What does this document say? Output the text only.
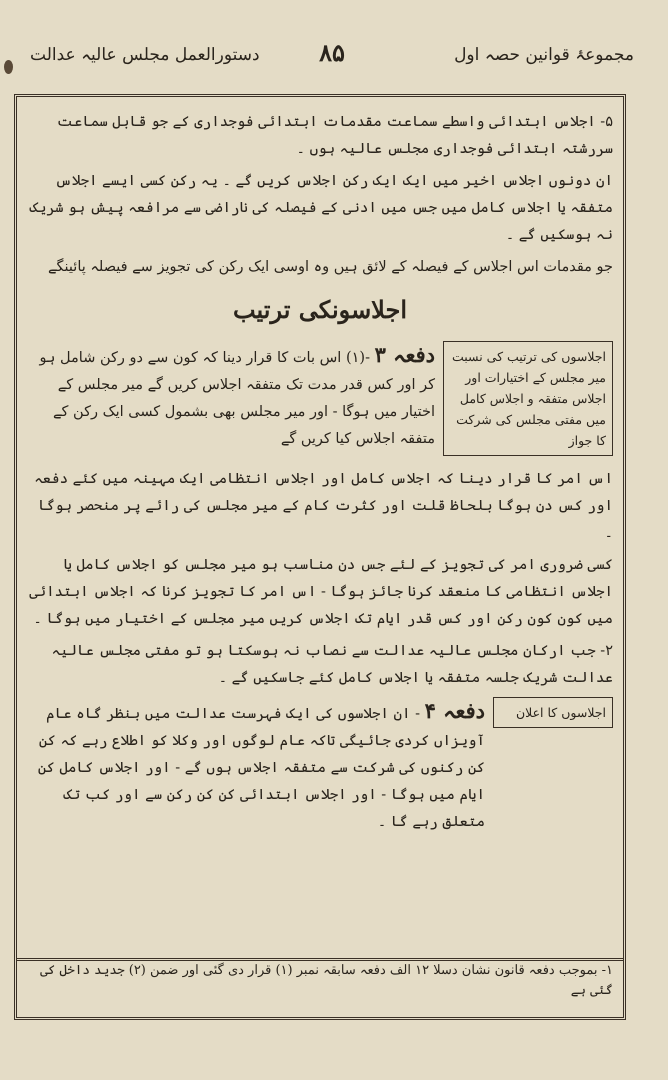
مجموعۂ قوانین حصہ اول
۸۵
دستورالعمل مجلس عالیہ عدالت

۵- اجلاس ابتدائی واسطے سماعت مقدمات ابتدائی فوجداری کے جو قابل سماعت سررشتہ ابتدائی فوجداری مجلس عالیہ ہوں ۔

ان دونوں اجلاس اخیر میں ایک ایک رکن اجلاس کریں گے ۔ یہ رکن کسی ایسے اجلاس متفقہ یا اجلاس کامل میں جس میں ادنی کے فیصلہ کی ناراضی سے مرافعہ پیش ہو شریک نہ ہوسکیں گے ۔

جو مقدمات اس اجلاس کے فیصلہ کے لائق ہیں وہ اوسی ایک رکن کی تجویز سے فیصلہ پائینگے

اجلاسونکی ترتیب
اجلاسوں کی ترتیب کی نسبت میر مجلس کے اختیارات اور اجلاس متفقہ و اجلاس کامل میں مفتی مجلس کی شرکت کا جواز
دفعہ ۳ -(۱) اس بات کا قرار دینا کہ کون سے دو رکن شامل ہو کر اور کس قدر مدت تک متفقہ اجلاس کریں گے میر مجلس کے اختیار میں ہوگا - اور میر مجلس بھی بشمول کسی ایک رکن کے متفقہ اجلاس کیا کریں گے

اس امر کا قرار دینا کہ اجلاس کامل اور اجلاس انتظامی ایک مہینہ میں کئے دفعہ اور کس دن ہوگا بلحاظ قلت اور کثرت کام کے میر مجلس کی رائے پر منحصر ہوگا ۔

کسی ضروری امر کی تجویز کے لئے جس دن مناسب ہو میر مجلس کو اجلاس کامل یا اجلاس انتظامی کا منعقد کرنا جائز ہوگا - اس امر کا تجویز کرنا کہ اجلاس ابتدائی میں کون کون رکن اور کس قدر ایام تک اجلاس کریں میر مجلس کے اختیار میں ہوگا ۔

۲- جب ارکان مجلس عالیہ عدالت سے نصاب نہ ہوسکتا ہو تو مفتی مجلس عالیہ عدالت شریک جلسہ متفقہ یا اجلاس کامل کئے جاسکیں گے ۔

اجلاسوں کا اعلان
دفعہ ۴ - ان اجلاسوں کی ایک فہرست عدالت میں بنظر گاہ عام آویزاں کردی جائیگی تاکہ عام لوگوں اور وکلا کو اطلاع رہے کہ کن کن رکنوں کی شرکت سے متفقہ اجلاس ہوں گے - اور اجلاس کامل کن ایام میں ہوگا - اور اجلاس ابتدائی کن کن رکن سے اور کب تک متعلق رہے گا ۔
۱- بموجب دفعہ قانون نشان دسلا ۱۲ الف دفعہ سابقہ نمبر (۱) قرار دی گئی اور ضمن (۲) جدید داخل کی گئی ہے
